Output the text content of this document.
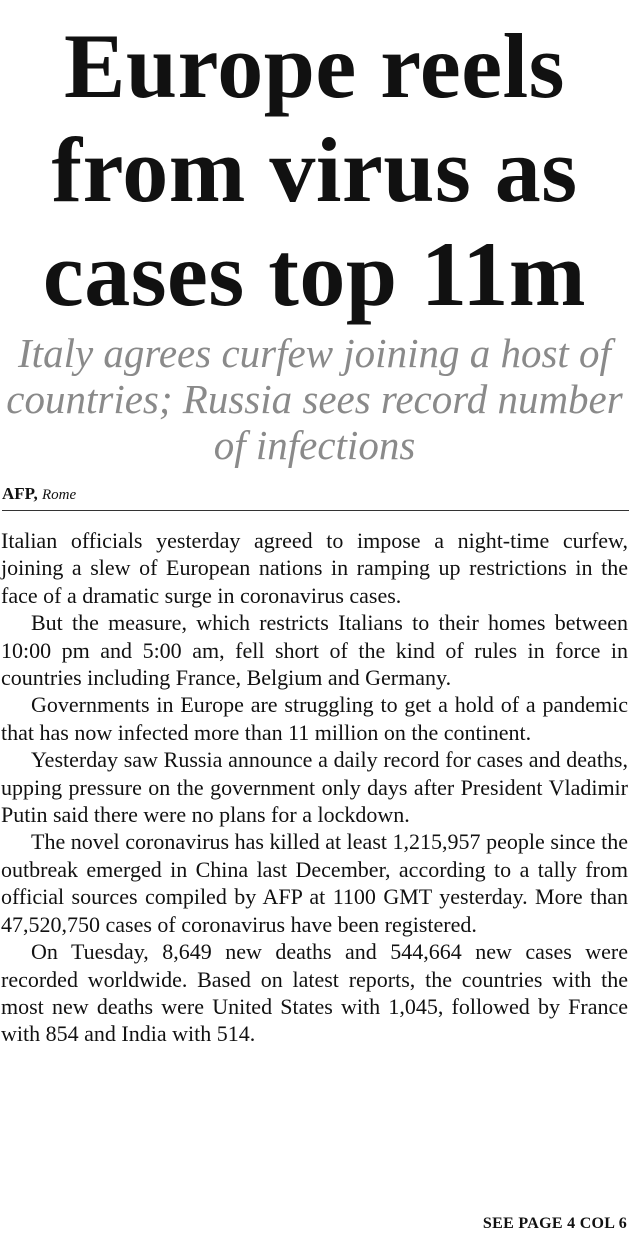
Europe reels from virus as cases top 11m
Italy agrees curfew joining a host of countries; Russia sees record number of infections
AFP, Rome

Italian officials yesterday agreed to impose a night-time curfew, joining a slew of European nations in ramping up restrictions in the face of a dramatic surge in coronavirus cases.

But the measure, which restricts Italians to their homes between 10:00 pm and 5:00 am, fell short of the kind of rules in force in countries including France, Belgium and Germany.

Governments in Europe are struggling to get a hold of a pandemic that has now infected more than 11 million on the continent.

Yesterday saw Russia announce a daily record for cases and deaths, upping pressure on the government only days after President Vladimir Putin said there were no plans for a lockdown.

The novel coronavirus has killed at least 1,215,957 people since the outbreak emerged in China last December, according to a tally from official sources compiled by AFP at 1100 GMT yesterday. More than 47,520,750 cases of coronavirus have been registered.

On Tuesday, 8,649 new deaths and 544,664 new cases were recorded worldwide. Based on latest reports, the countries with the most new deaths were United States with 1,045, followed by France with 854 and India with 514.

SEE PAGE 4 COL 6
